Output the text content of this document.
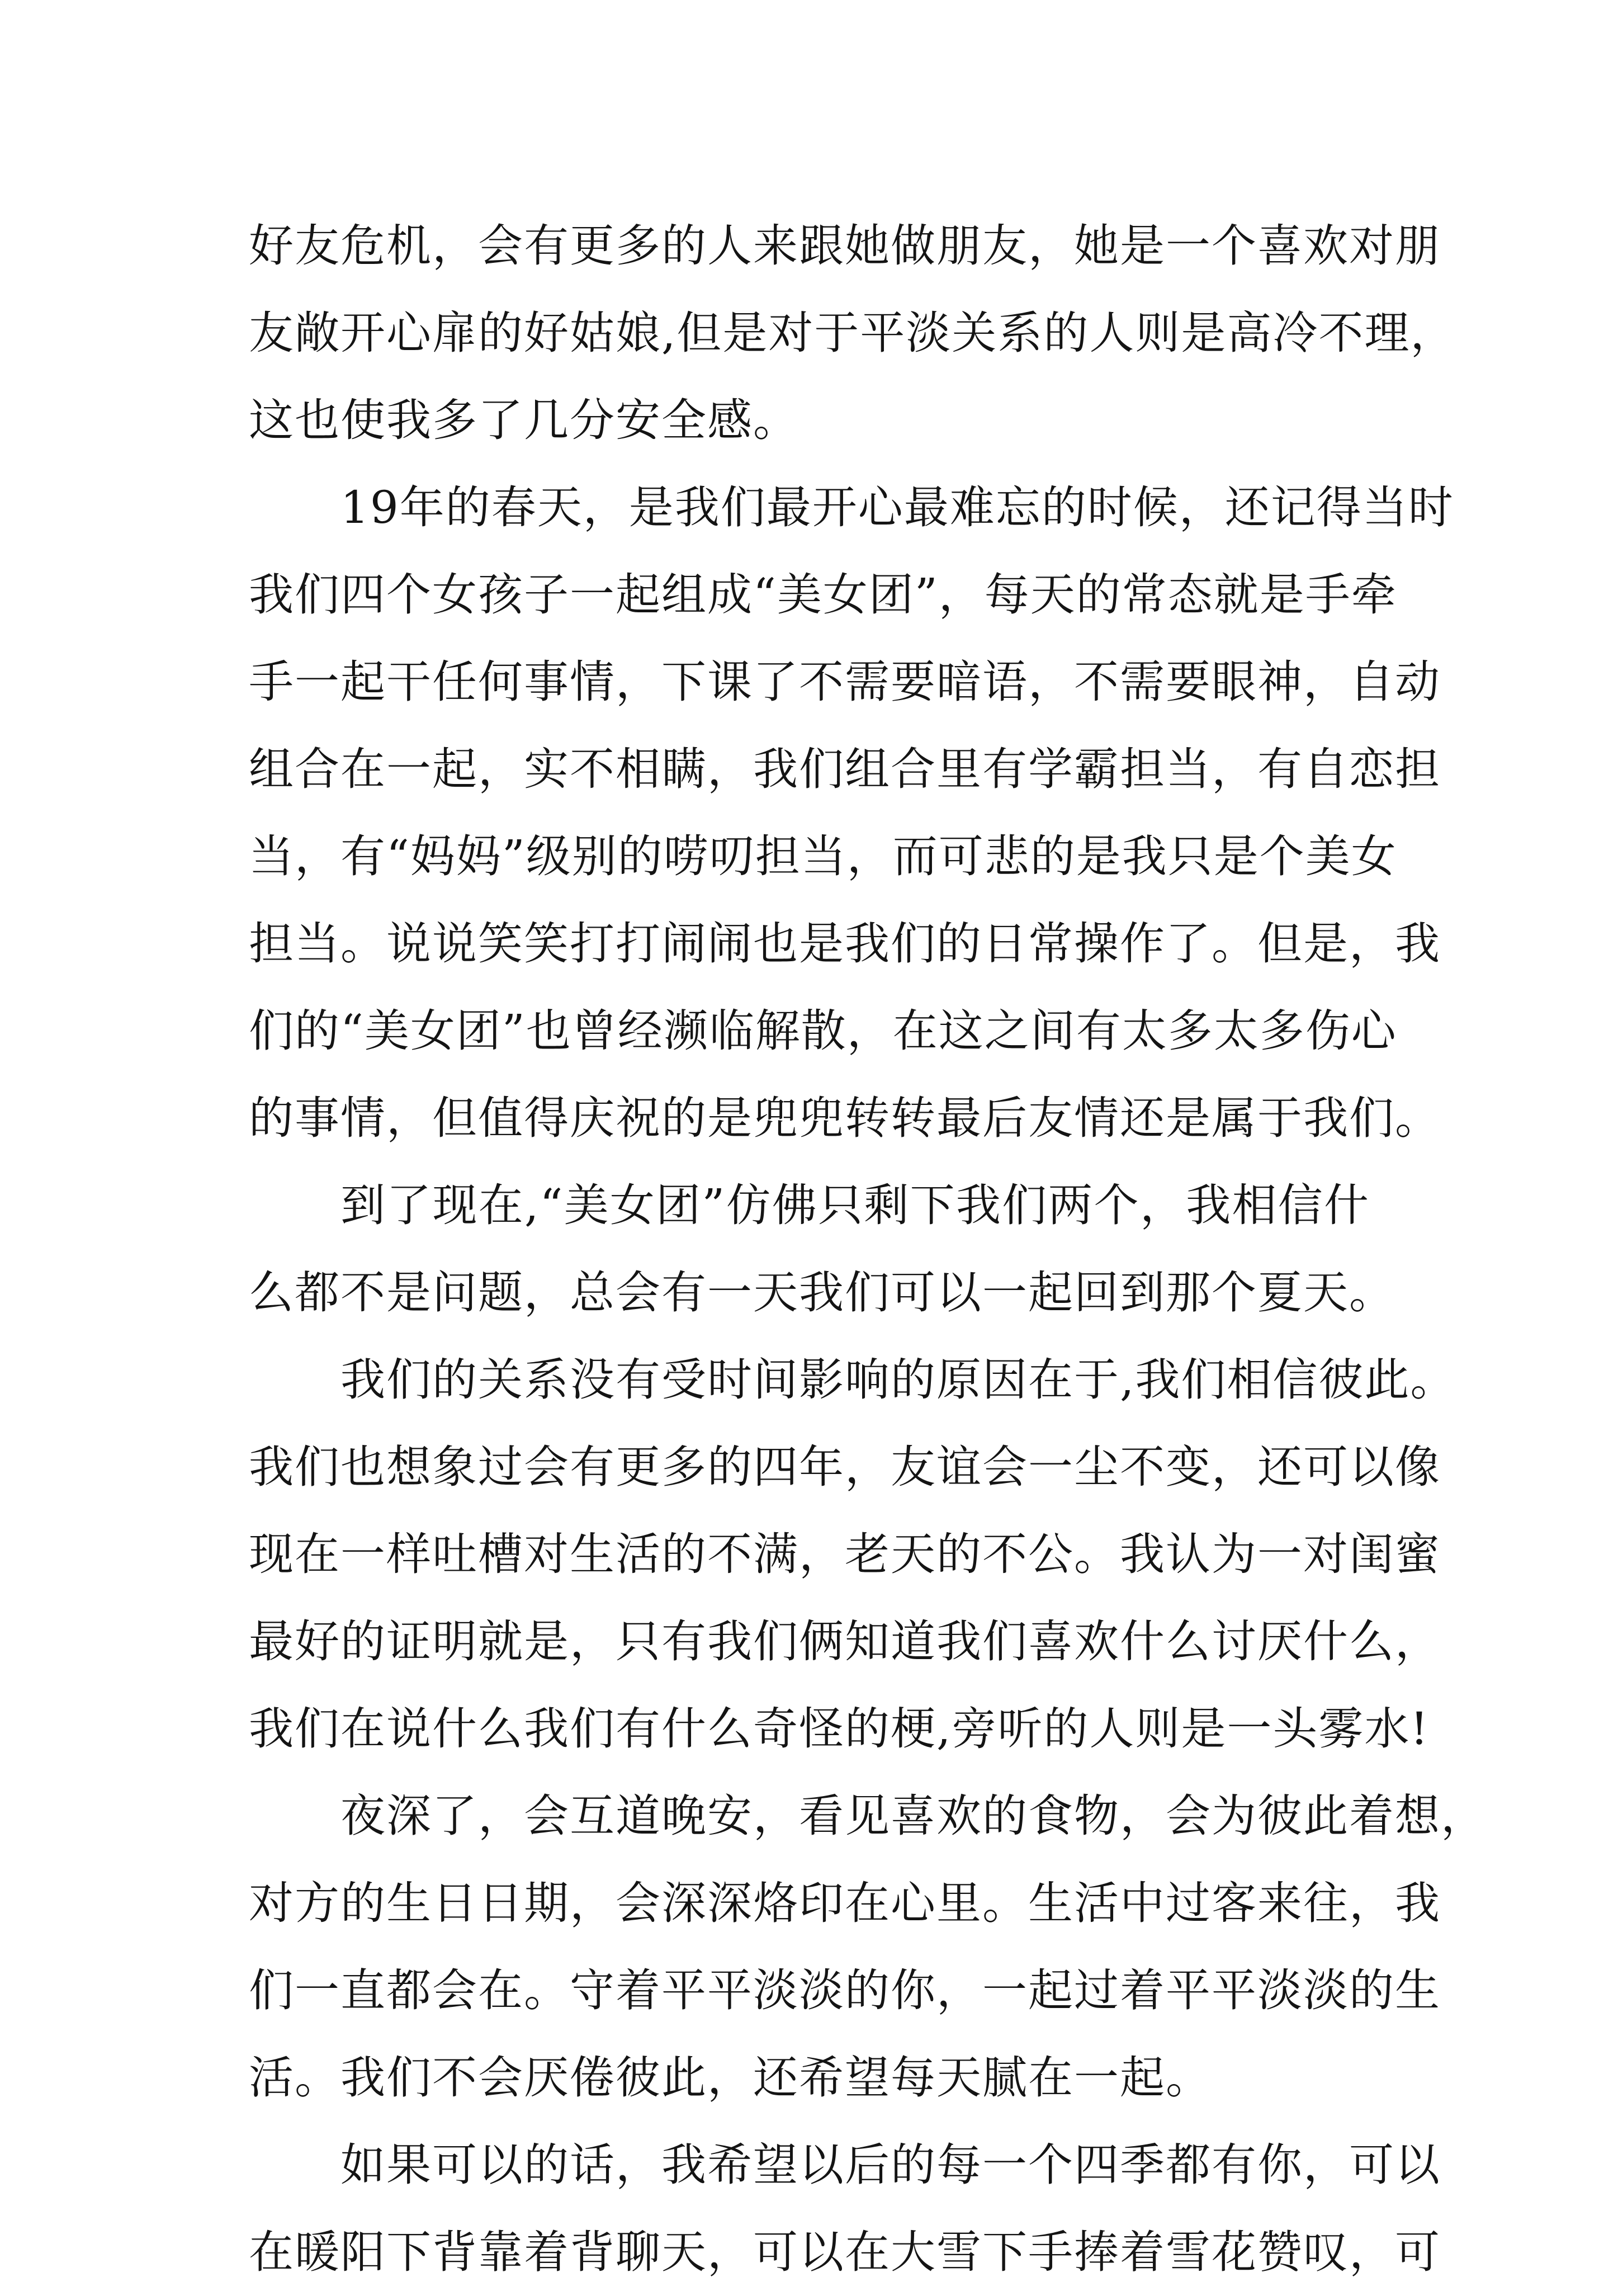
好友危机，会有更多的人来跟她做朋友，她是一个喜欢对朋
友敞开心扉的好姑娘,但是对于平淡关系的人则是高冷不理，
这也使我多了几分安全感。
19年的春天，是我们最开心最难忘的时候，还记得当时
我们四个女孩子一起组成“美女团”，每天的常态就是手牵
手一起干任何事情，下课了不需要暗语，不需要眼神，自动
组合在一起，实不相瞒，我们组合里有学霸担当，有自恋担
当，有“妈妈”级别的唠叨担当，而可悲的是我只是个美女
担当。说说笑笑打打闹闹也是我们的日常操作了。但是，我
们的“美女团”也曾经濒临解散，在这之间有太多太多伤心
的事情，但值得庆祝的是兜兜转转最后友情还是属于我们。
到了现在,“美女团”仿佛只剩下我们两个，我相信什
么都不是问题，总会有一天我们可以一起回到那个夏天。
我们的关系没有受时间影响的原因在于,我们相信彼此。
我们也想象过会有更多的四年，友谊会一尘不变，还可以像
现在一样吐槽对生活的不满，老天的不公。我认为一对闺蜜
最好的证明就是，只有我们俩知道我们喜欢什么讨厌什么，
我们在说什么我们有什么奇怪的梗,旁听的人则是一头雾水!
夜深了，会互道晚安，看见喜欢的食物，会为彼此着想，
对方的生日日期，会深深烙印在心里。生活中过客来往，我
们一直都会在。守着平平淡淡的你，一起过着平平淡淡的生
活。我们不会厌倦彼此，还希望每天腻在一起。
如果可以的话，我希望以后的每一个四季都有你，可以
在暖阳下背靠着背聊天，可以在大雪下手捧着雪花赞叹，可
